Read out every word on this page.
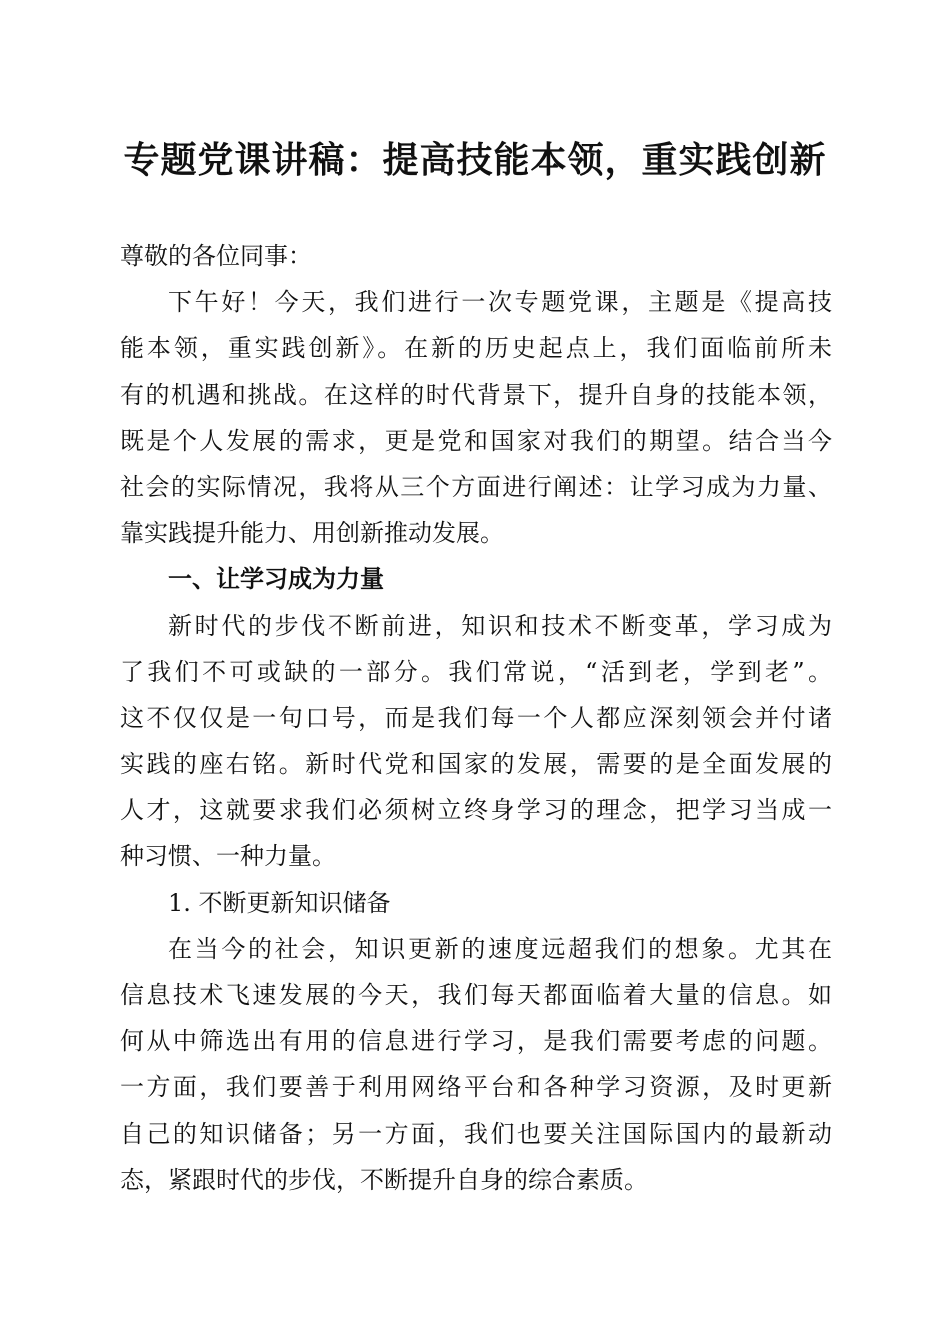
专题党课讲稿：提高技能本领，重实践创新
尊敬的各位同事：
下午好！今天，我们进行一次专题党课，主题是《提高技
能本领，重实践创新》。在新的历史起点上，我们面临前所未
有的机遇和挑战。在这样的时代背景下，提升自身的技能本领，
既是个人发展的需求，更是党和国家对我们的期望。结合当今
社会的实际情况，我将从三个方面进行阐述：让学习成为力量、
靠实践提升能力、用创新推动发展。
一、让学习成为力量
新时代的步伐不断前进，知识和技术不断变革，学习成为
了我们不可或缺的一部分。我们常说，“活到老，学到老”。
这不仅仅是一句口号，而是我们每一个人都应深刻领会并付诸
实践的座右铭。新时代党和国家的发展，需要的是全面发展的
人才，这就要求我们必须树立终身学习的理念，把学习当成一
种习惯、一种力量。
1. 不断更新知识储备
在当今的社会，知识更新的速度远超我们的想象。尤其在
信息技术飞速发展的今天，我们每天都面临着大量的信息。如
何从中筛选出有用的信息进行学习，是我们需要考虑的问题。
一方面，我们要善于利用网络平台和各种学习资源，及时更新
自己的知识储备；另一方面，我们也要关注国际国内的最新动
态，紧跟时代的步伐，不断提升自身的综合素质。
